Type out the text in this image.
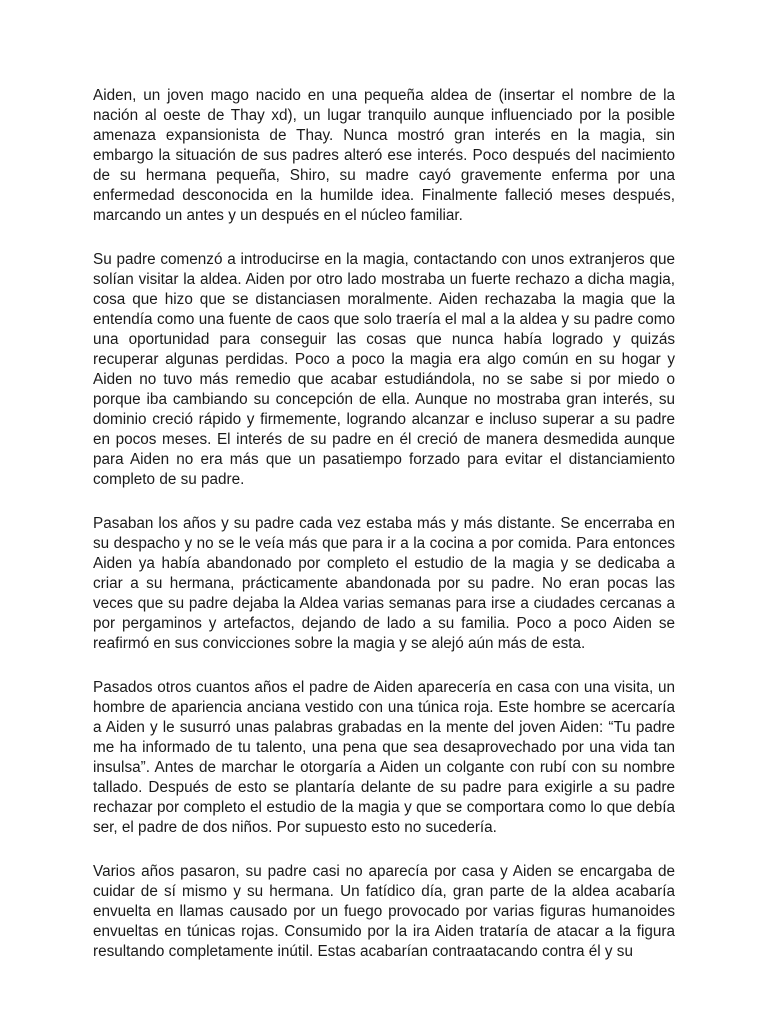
Aiden, un joven mago nacido en una pequeña aldea de (insertar el nombre de la nación al oeste de Thay xd), un lugar tranquilo aunque influenciado por la posible amenaza expansionista de Thay. Nunca mostró gran interés en la magia, sin embargo la situación de sus padres alteró ese interés. Poco después del nacimiento de su hermana pequeña, Shiro, su madre cayó gravemente enferma por una enfermedad desconocida en la humilde idea. Finalmente falleció meses después, marcando un antes y un después en el núcleo familiar.

Su padre comenzó a introducirse en la magia, contactando con unos extranjeros que solían visitar la aldea. Aiden por otro lado mostraba un fuerte rechazo a dicha magia, cosa que hizo que se distanciasen moralmente. Aiden rechazaba la magia que la entendía como una fuente de caos que solo traería el mal a la aldea y su padre como una oportunidad para conseguir las cosas que nunca había logrado y quizás recuperar algunas perdidas. Poco a poco la magia era algo común en su hogar y Aiden no tuvo más remedio que acabar estudiándola, no se sabe si por miedo o porque iba cambiando su concepción de ella. Aunque no mostraba gran interés, su dominio creció rápido y firmemente, logrando alcanzar e incluso superar a su padre en pocos meses. El interés de su padre en él creció de manera desmedida aunque para Aiden no era más que un pasatiempo forzado para evitar el distanciamiento completo de su padre.

Pasaban los años y su padre cada vez estaba más y más distante. Se encerraba en su despacho y no se le veía más que para ir a la cocina a por comida. Para entonces Aiden ya había abandonado por completo el estudio de la magia y se dedicaba a criar a su hermana, prácticamente abandonada por su padre. No eran pocas las veces que su padre dejaba la Aldea varias semanas para irse a ciudades cercanas a por pergaminos y artefactos, dejando de lado a su familia. Poco a poco Aiden se reafirmó en sus convicciones sobre la magia y se alejó aún más de esta.

Pasados otros cuantos años el padre de Aiden aparecería en casa con una visita, un hombre de apariencia anciana vestido con una túnica roja. Este hombre se acercaría a Aiden y le susurró unas palabras grabadas en la mente del joven Aiden: “Tu padre me ha informado de tu talento, una pena que sea desaprovechado por una vida tan insulsa”. Antes de marchar le otorgaría a Aiden un colgante con rubí con su nombre tallado. Después de esto se plantaría delante de su padre para exigirle a su padre rechazar por completo el estudio de la magia y que se comportara como lo que debía ser, el padre de dos niños. Por supuesto esto no sucedería.

Varios años pasaron, su padre casi no aparecía por casa y Aiden se encargaba de cuidar de sí mismo y su hermana. Un fatídico día, gran parte de la aldea acabaría envuelta en llamas causado por un fuego provocado por varias figuras humanoides envueltas en túnicas rojas. Consumido por la ira Aiden trataría de atacar a la figura resultando completamente inútil. Estas acabarían contraatacando contra él y su
